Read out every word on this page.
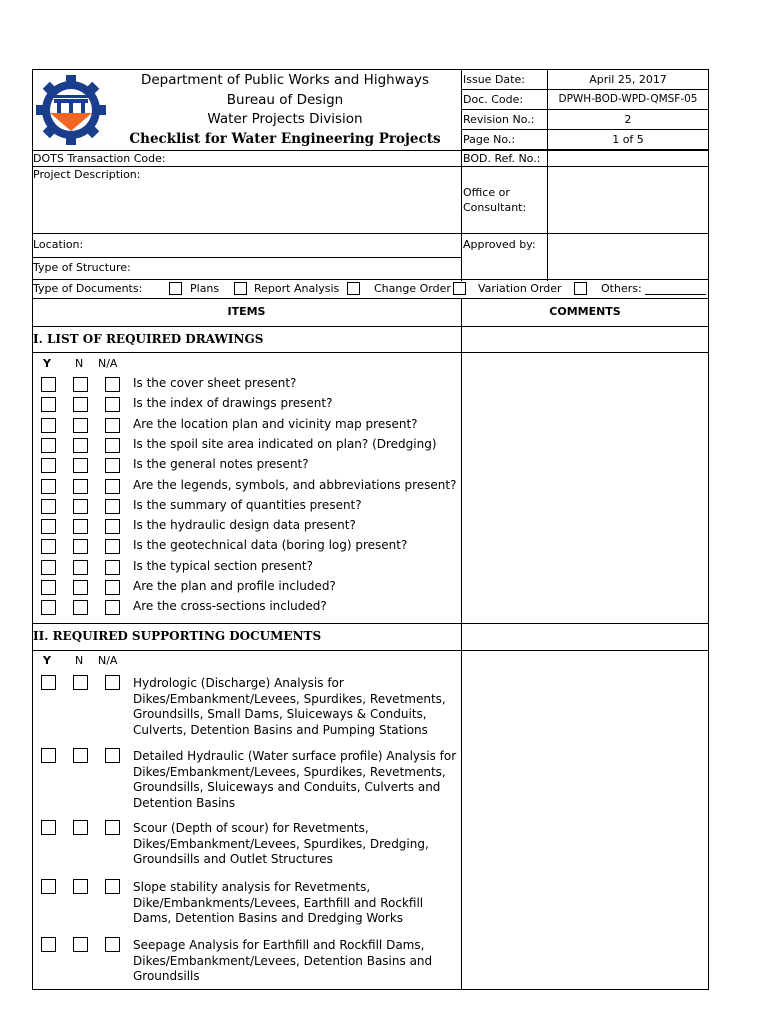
Department of Public Works and Highways
Bureau of Design
Water Projects Division
Checklist for Water Engineering Projects
Issue Date:	April 25, 2017
Doc. Code:	DPWH-BOD-WPD-QMSF-05
Revision No.:	2
Page No.:	1 of 5
DOTS Transaction Code:	BOD. Ref. No.:
Project Description:
Office or
Consultant:
Location:	Approved by:
Type of Structure:
Type of Documents:	Plans	Report Analysis	Change Order Variation Order	Others:
ITEMS	COMMENTS
I. LIST OF REQUIRED DRAWINGS
Y N N/A
Is the cover sheet present?
Is the index of drawings present?
Are the location plan and vicinity map present?
Is the spoil site area indicated on plan? (Dredging)
Is the general notes present?
Are the legends, symbols, and abbreviations present?
Is the summary of quantities present?
Is the hydraulic design data present?
Is the geotechnical data (boring log) present?
Is the typical section present?
Are the plan and profile included?
Are the cross-sections included?
II. REQUIRED SUPPORTING DOCUMENTS
Y N N/A
Hydrologic (Discharge) Analysis for
Dikes/Embankment/Levees, Spurdikes, Revetments,
Groundsills, Small Dams, Sluiceways & Conduits,
Culverts, Detention Basins and Pumping Stations
Detailed Hydraulic (Water surface profile) Analysis for
Dikes/Embankment/Levees, Spurdikes, Revetments,
Groundsills, Sluiceways and Conduits, Culverts and
Detention Basins
Scour (Depth of scour) for Revetments,
Dikes/Embankment/Levees, Spurdikes, Dredging,
Groundsills and Outlet Structures
Slope stability analysis for Revetments,
Dike/Embankments/Levees, Earthfill and Rockfill
Dams, Detention Basins and Dredging Works
Seepage Analysis for Earthfill and Rockfill Dams,
Dikes/Embankment/Levees, Detention Basins and
Groundsills
